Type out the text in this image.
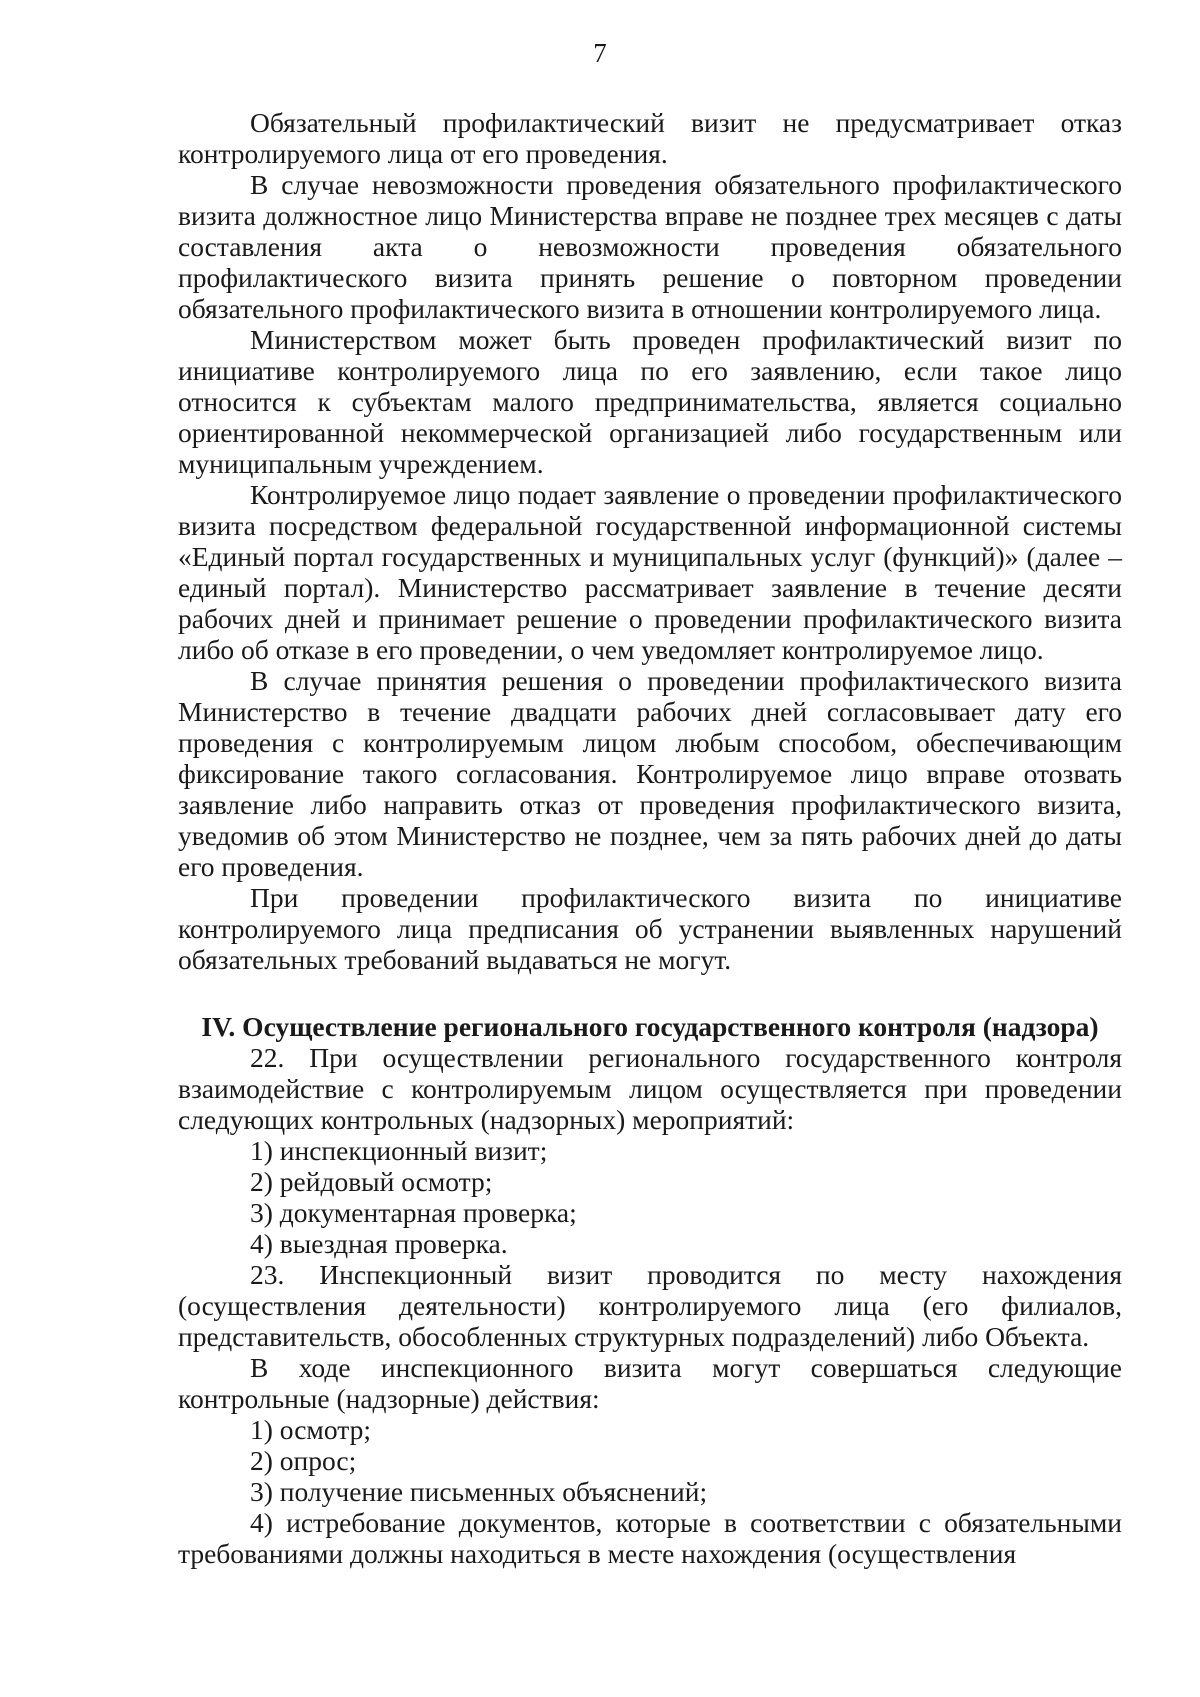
7

Обязательный профилактический визит не предусматривает отказ контролируемого лица от его проведения.

В случае невозможности проведения обязательного профилактического визита должностное лицо Министерства вправе не позднее трех месяцев с даты составления акта о невозможности проведения обязательного профилактического визита принять решение о повторном проведении обязательного профилактического визита в отношении контролируемого лица.

Министерством может быть проведен профилактический визит по инициативе контролируемого лица по его заявлению, если такое лицо относится к субъектам малого предпринимательства, является социально ориентированной некоммерческой организацией либо государственным или муниципальным учреждением.

Контролируемое лицо подает заявление о проведении профилактического визита посредством федеральной государственной информационной системы «Единый портал государственных и муниципальных услуг (функций)» (далее – единый портал). Министерство рассматривает заявление в течение десяти рабочих дней и принимает решение о проведении профилактического визита либо об отказе в его проведении, о чем уведомляет контролируемое лицо.

В случае принятия решения о проведении профилактического визита Министерство в течение двадцати рабочих дней согласовывает дату его проведения с контролируемым лицом любым способом, обеспечивающим фиксирование такого согласования. Контролируемое лицо вправе отозвать заявление либо направить отказ от проведения профилактического визита, уведомив об этом Министерство не позднее, чем за пять рабочих дней до даты его проведения.

При проведении профилактического визита по инициативе контролируемого лица предписания об устранении выявленных нарушений обязательных требований выдаваться не могут.

IV. Осуществление регионального государственного контроля (надзора)

22. При осуществлении регионального государственного контроля взаимодействие с контролируемым лицом осуществляется при проведении следующих контрольных (надзорных) мероприятий:

1) инспекционный визит;

2) рейдовый осмотр;

3) документарная проверка;

4) выездная проверка.

23. Инспекционный визит проводится по месту нахождения (осуществления деятельности) контролируемого лица (его филиалов, представительств, обособленных структурных подразделений) либо Объекта.

В ходе инспекционного визита могут совершаться следующие контрольные (надзорные) действия:

1) осмотр;

2) опрос;

3) получение письменных объяснений;

4) истребование документов, которые в соответствии с обязательными требованиями должны находиться в месте нахождения (осуществления
